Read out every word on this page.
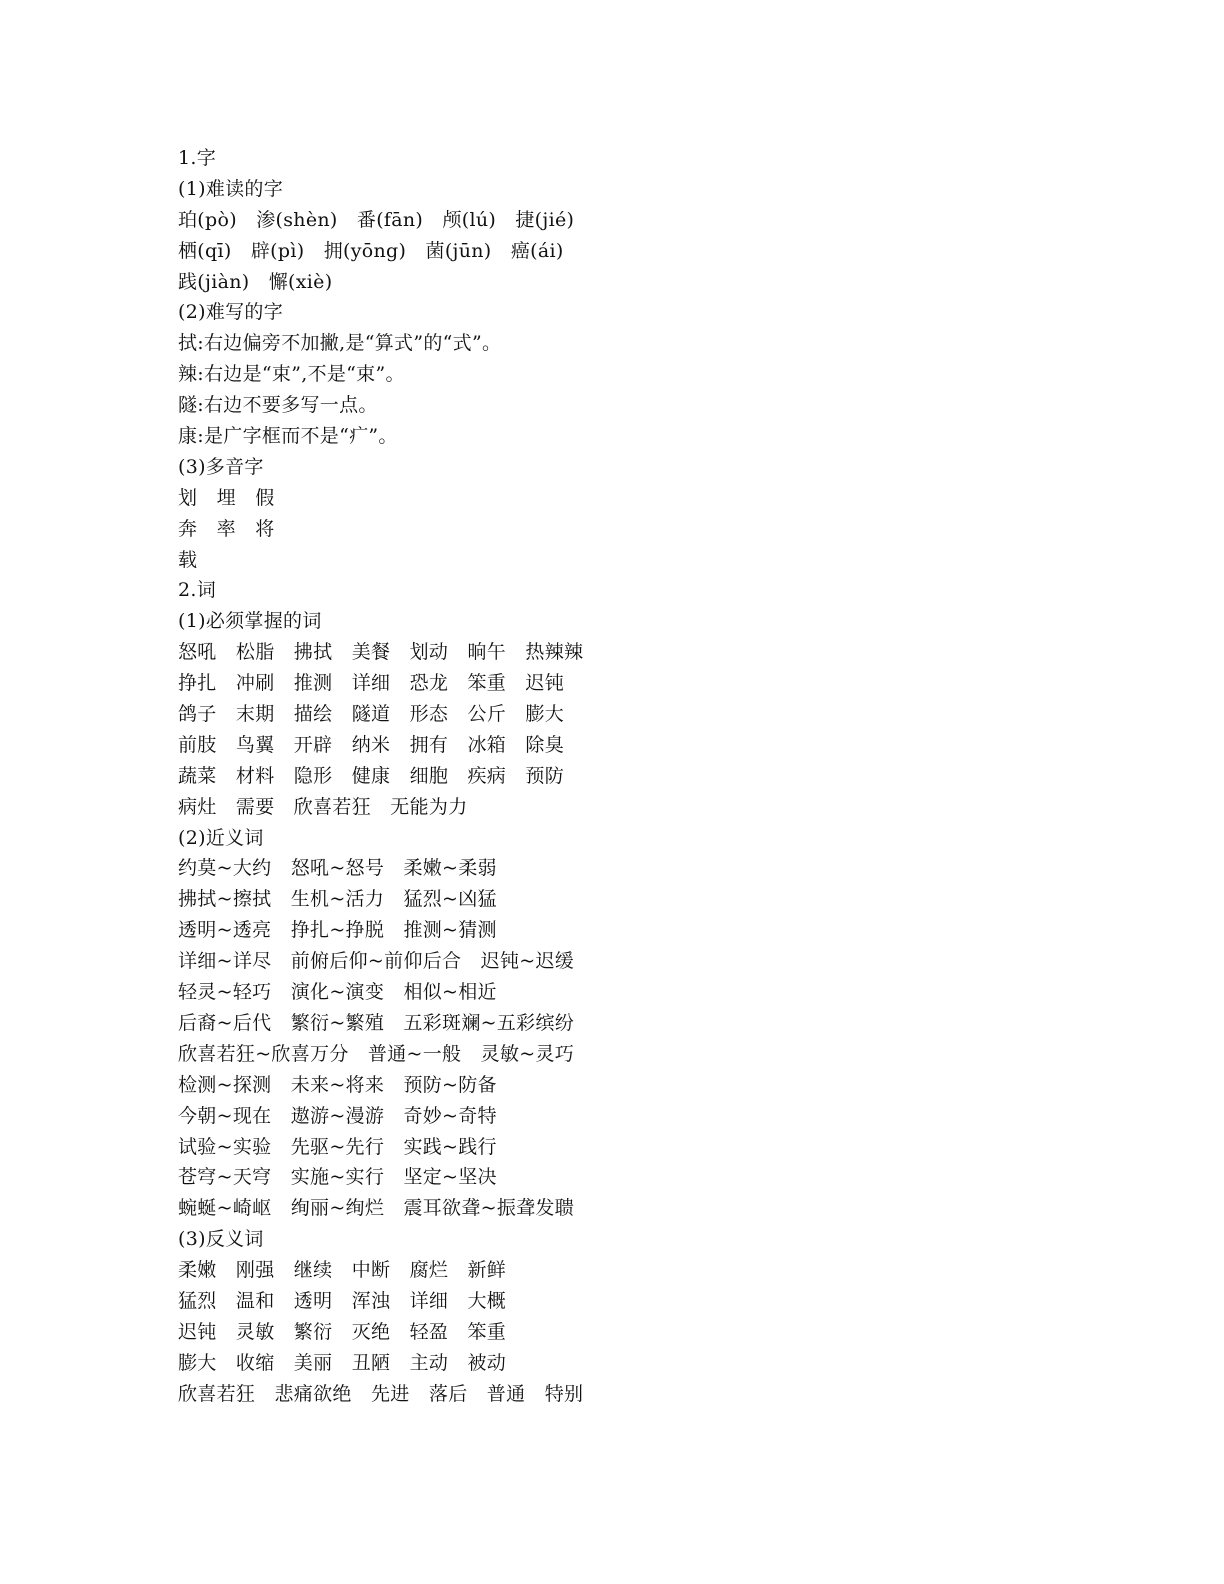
1.字
(1)难读的字
珀(pò)　渗(shèn)　番(fān)　颅(lú)　捷(jié)
栖(qī)　辟(pì)　拥(yōng)　菌(jūn)　癌(ái)
践(jiàn)　懈(xiè)
(2)难写的字
拭:右边偏旁不加撇,是“算式”的“式”。
辣:右边是“束”,不是“束”。
隧:右边不要多写一点。
康:是广字框而不是“疒”。
(3)多音字
划　埋　假
奔　率　将
载
2.词
(1)必须掌握的词
怒吼　松脂　拂拭　美餐　划动　晌午　热辣辣
挣扎　冲刷　推测　详细　恐龙　笨重　迟钝
鸽子　末期　描绘　隧道　形态　公斤　膨大
前肢　鸟翼　开辟　纳米　拥有　冰箱　除臭
蔬菜　材料　隐形　健康　细胞　疾病　预防
病灶　需要　欣喜若狂　无能为力
(2)近义词
约莫~大约　怒吼~怒号　柔嫩~柔弱
拂拭~擦拭　生机~活力　猛烈~凶猛
透明~透亮　挣扎~挣脱　推测~猜测
详细~详尽　前俯后仰~前仰后合　迟钝~迟缓
轻灵~轻巧　演化~演变　相似~相近
后裔~后代　繁衍~繁殖　五彩斑斓~五彩缤纷
欣喜若狂~欣喜万分　普通~一般　灵敏~灵巧
检测~探测　未来~将来　预防~防备
今朝~现在　遨游~漫游　奇妙~奇特
试验~实验　先驱~先行　实践~践行
苍穹~天穹　实施~实行　坚定~坚决
蜿蜒~崎岖　绚丽~绚烂　震耳欲聋~振聋发聩
(3)反义词
柔嫩　刚强　继续　中断　腐烂　新鲜
猛烈　温和　透明　浑浊　详细　大概
迟钝　灵敏　繁衍　灭绝　轻盈　笨重
膨大　收缩　美丽　丑陋　主动　被动
欣喜若狂　悲痛欲绝　先进　落后　普通　特别
